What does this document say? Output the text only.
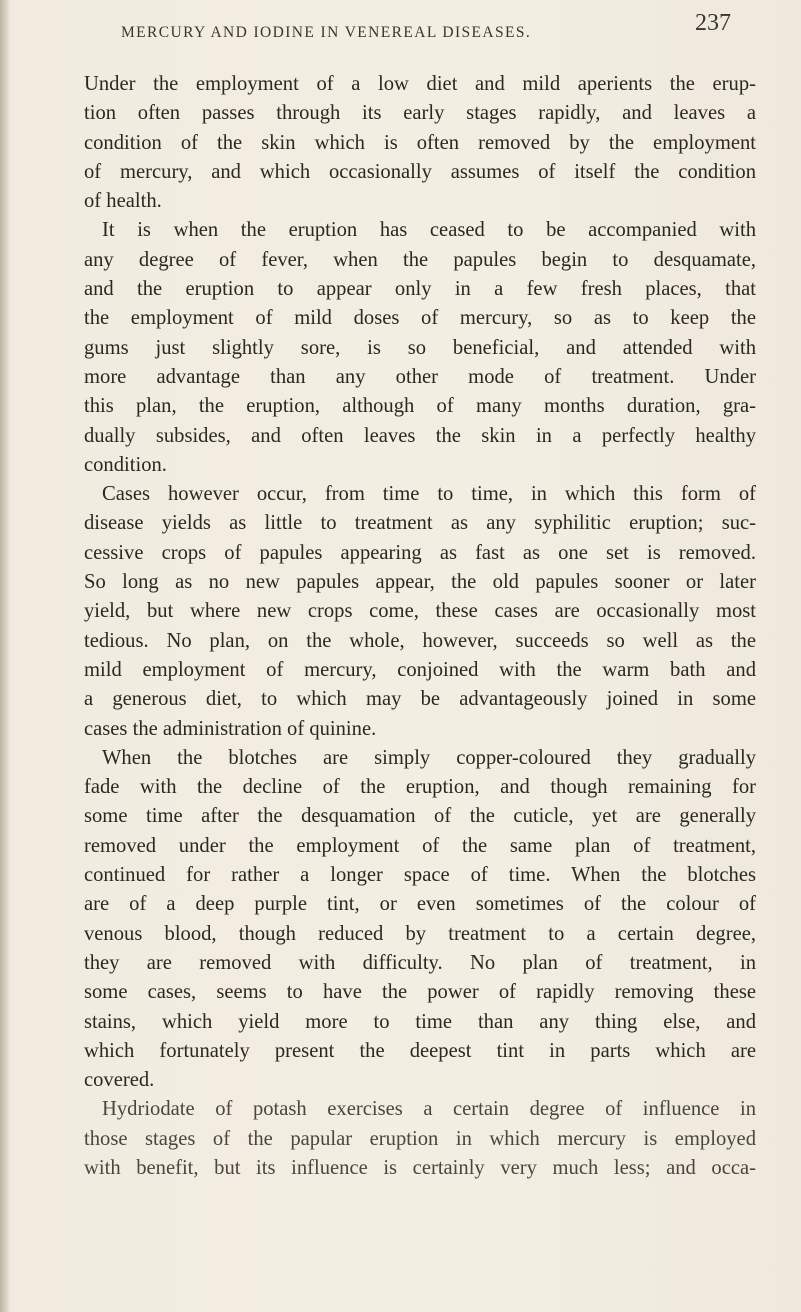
MERCURY AND IODINE IN VENEREAL DISEASES.	237

Under the employment of a low diet and mild aperients the erup-
tion often passes through its early stages rapidly, and leaves a
condition of the skin which is often removed by the employment
of mercury, and which occasionally assumes of itself the condition
of health.

It is when the eruption has ceased to be accompanied with
any degree of fever, when the papules begin to desquamate,
and the eruption to appear only in a few fresh places, that
the employment of mild doses of mercury, so as to keep the
gums just slightly sore, is so beneficial, and attended with
more advantage than any other mode of treatment. Under
this plan, the eruption, although of many months duration, gra-
dually subsides, and often leaves the skin in a perfectly healthy
condition.

Cases however occur, from time to time, in which this form of
disease yields as little to treatment as any syphilitic eruption; suc-
cessive crops of papules appearing as fast as one set is removed.
So long as no new papules appear, the old papules sooner or later
yield, but where new crops come, these cases are occasionally most
tedious. No plan, on the whole, however, succeeds so well as the
mild employment of mercury, conjoined with the warm bath and
a generous diet, to which may be advantageously joined in some
cases the administration of quinine.

When the blotches are simply copper-coloured they gradually
fade with the decline of the eruption, and though remaining for
some time after the desquamation of the cuticle, yet are generally
removed under the employment of the same plan of treatment,
continued for rather a longer space of time. When the blotches
are of a deep purple tint, or even sometimes of the colour of
venous blood, though reduced by treatment to a certain degree,
they are removed with difficulty. No plan of treatment, in
some cases, seems to have the power of rapidly removing these
stains, which yield more to time than any thing else, and
which fortunately present the deepest tint in parts which are
covered.

Hydriodate of potash exercises a certain degree of influence in
those stages of the papular eruption in which mercury is employed
with benefit, but its influence is certainly very much less; and occa-
